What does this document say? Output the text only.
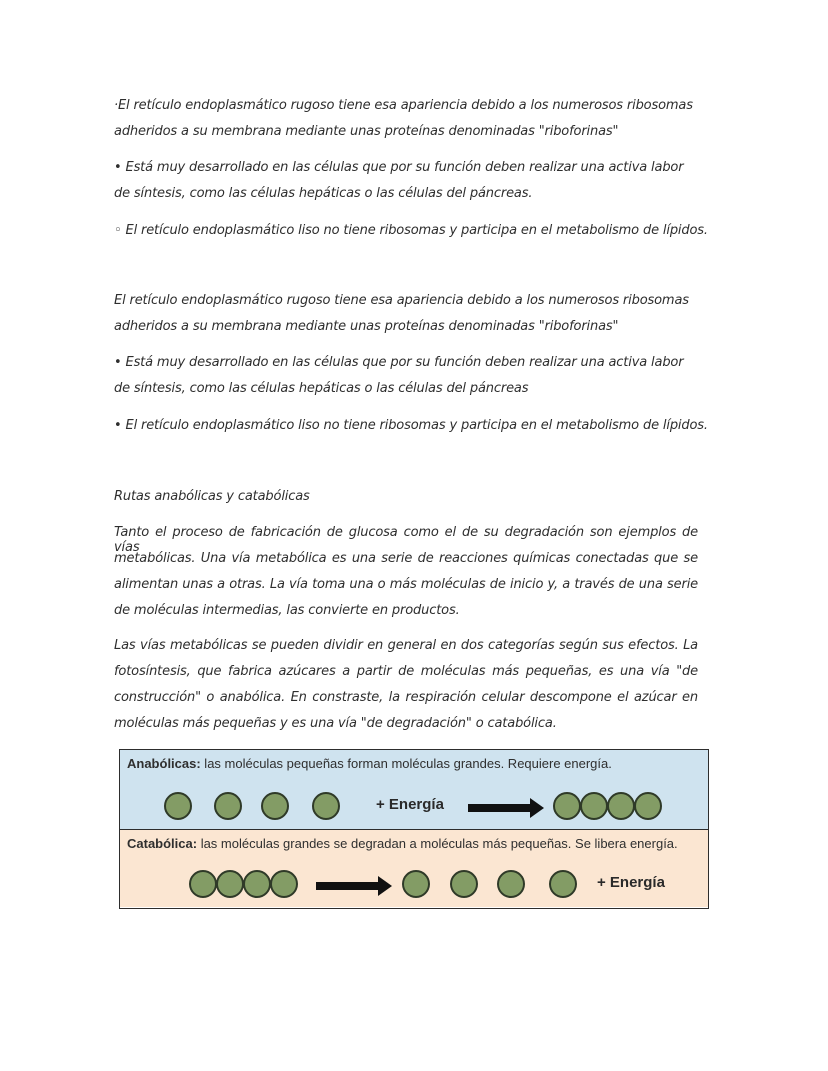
·El retículo endoplasmático rugoso tiene esa apariencia debido a los numerosos ribosomas
adheridos a su membrana mediante unas proteínas denominadas "riboforinas"
• Está muy desarrollado en las células que por su función deben realizar una activa labor
de síntesis, como las células hepáticas o las células del páncreas.
◦ El retículo endoplasmático liso no tiene ribosomas y participa en el metabolismo de lípidos.
El retículo endoplasmático rugoso tiene esa apariencia debido a los numerosos ribosomas
adheridos a su membrana mediante unas proteínas denominadas "riboforinas"
• Está muy desarrollado en las células que por su función deben realizar una activa labor
de síntesis, como las células hepáticas o las células del páncreas
• El retículo endoplasmático liso no tiene ribosomas y participa en el metabolismo de lípidos.
Rutas anabólicas y catabólicas
Tanto el proceso de fabricación de glucosa como el de su degradación son ejemplos de vías
metabólicas. Una vía metabólica es una serie de reacciones químicas conectadas que se
alimentan unas a otras. La vía toma una o más moléculas de inicio y, a través de una serie
de moléculas intermedias, las convierte en productos.
Las vías metabólicas se pueden dividir en general en dos categorías según sus efectos. La
fotosíntesis, que fabrica azúcares a partir de moléculas más pequeñas, es una vía "de
construcción" o anabólica. En constraste, la respiración celular descompone el azúcar en
moléculas más pequeñas y es una vía "de degradación" o catabólica.
Anabólicas: las moléculas pequeñas forman moléculas grandes. Requiere energía.
+ Energía
Catabólica: las moléculas grandes se degradan a moléculas más pequeñas. Se libera energía.
+ Energía
